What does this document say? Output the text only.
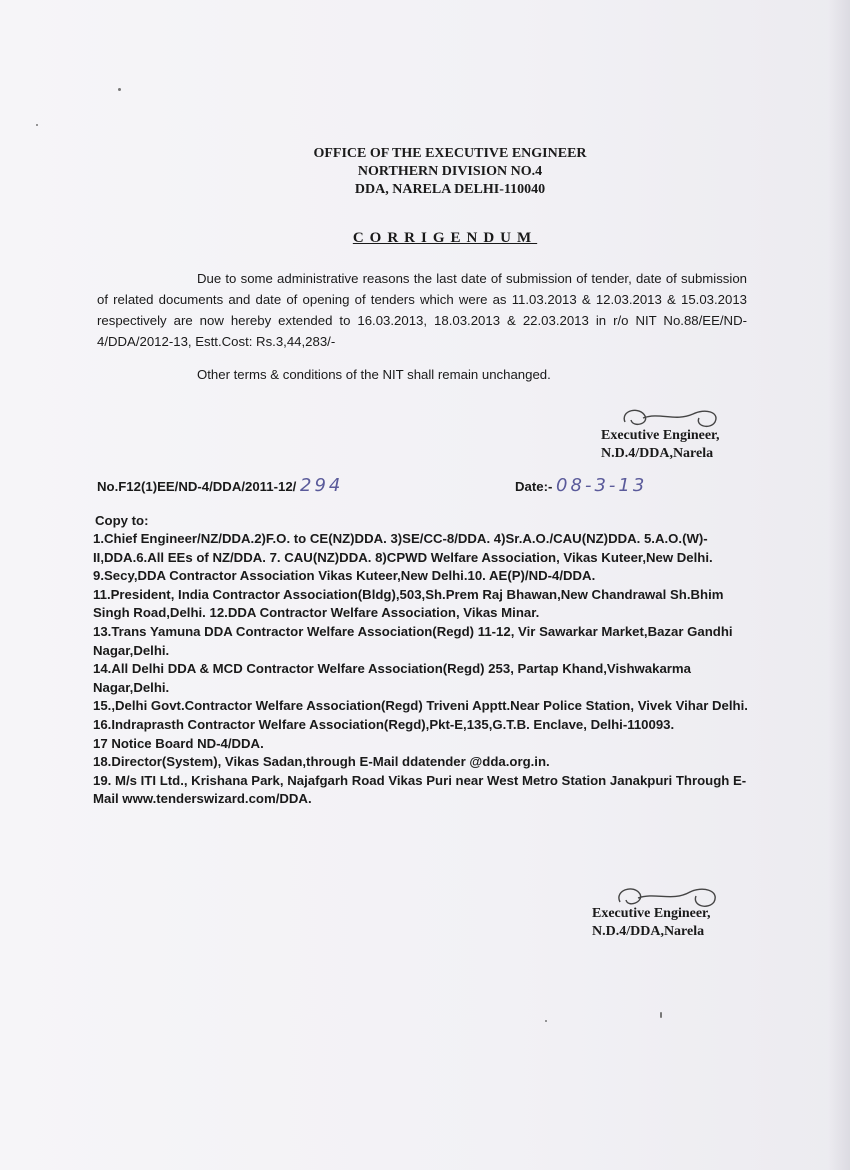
OFFICE OF THE EXECUTIVE ENGINEER
NORTHERN DIVISION NO.4
DDA, NARELA DELHI-110040
CORRIGENDUM
Due to some administrative reasons the last date of submission of tender, date of submission of related documents and date of opening of tenders which were as 11.03.2013 & 12.03.2013 & 15.03.2013 respectively are now hereby extended to 16.03.2013, 18.03.2013 & 22.03.2013 in r/o NIT No.88/EE/ND-4/DDA/2012-13, Estt.Cost: Rs.3,44,283/-
Other terms & conditions of the NIT shall remain unchanged.
Executive Engineer,
N.D.4/DDA,Narela
No.F12(1)EE/ND-4/DDA/2011-12/ 294	Date:- 08-3-13
Copy to:
1.Chief Engineer/NZ/DDA.2)F.O. to CE(NZ)DDA. 3)SE/CC-8/DDA. 4)Sr.A.O./CAU(NZ)DDA. 5.A.O.(W)-II,DDA.6.All EEs of NZ/DDA. 7. CAU(NZ)DDA. 8)CPWD Welfare Association, Vikas Kuteer,New Delhi. 9.Secy,DDA Contractor Association Vikas Kuteer,New Delhi.10. AE(P)/ND-4/DDA.
11.President, India Contractor Association(Bldg),503,Sh.Prem Raj Bhawan,New Chandrawal Sh.Bhim Singh Road,Delhi. 12.DDA Contractor Welfare Association, Vikas Minar.
13.Trans Yamuna DDA Contractor Welfare Association(Regd) 11-12, Vir Sawarkar Market,Bazar Gandhi Nagar,Delhi.
14.All Delhi DDA & MCD Contractor Welfare Association(Regd) 253, Partap Khand,Vishwakarma Nagar,Delhi.
15.,Delhi Govt.Contractor Welfare Association(Regd) Triveni Apptt.Near Police Station, Vivek Vihar Delhi.
16.Indraprasth Contractor Welfare Association(Regd),Pkt-E,135,G.T.B. Enclave, Delhi-110093.
17 Notice Board ND-4/DDA.
18.Director(System), Vikas Sadan,through E-Mail ddatender @dda.org.in.
19. M/s ITI Ltd., Krishana Park, Najafgarh Road Vikas Puri near West Metro Station Janakpuri Through E-Mail www.tenderswizard.com/DDA.
Executive Engineer,
N.D.4/DDA,Narela
